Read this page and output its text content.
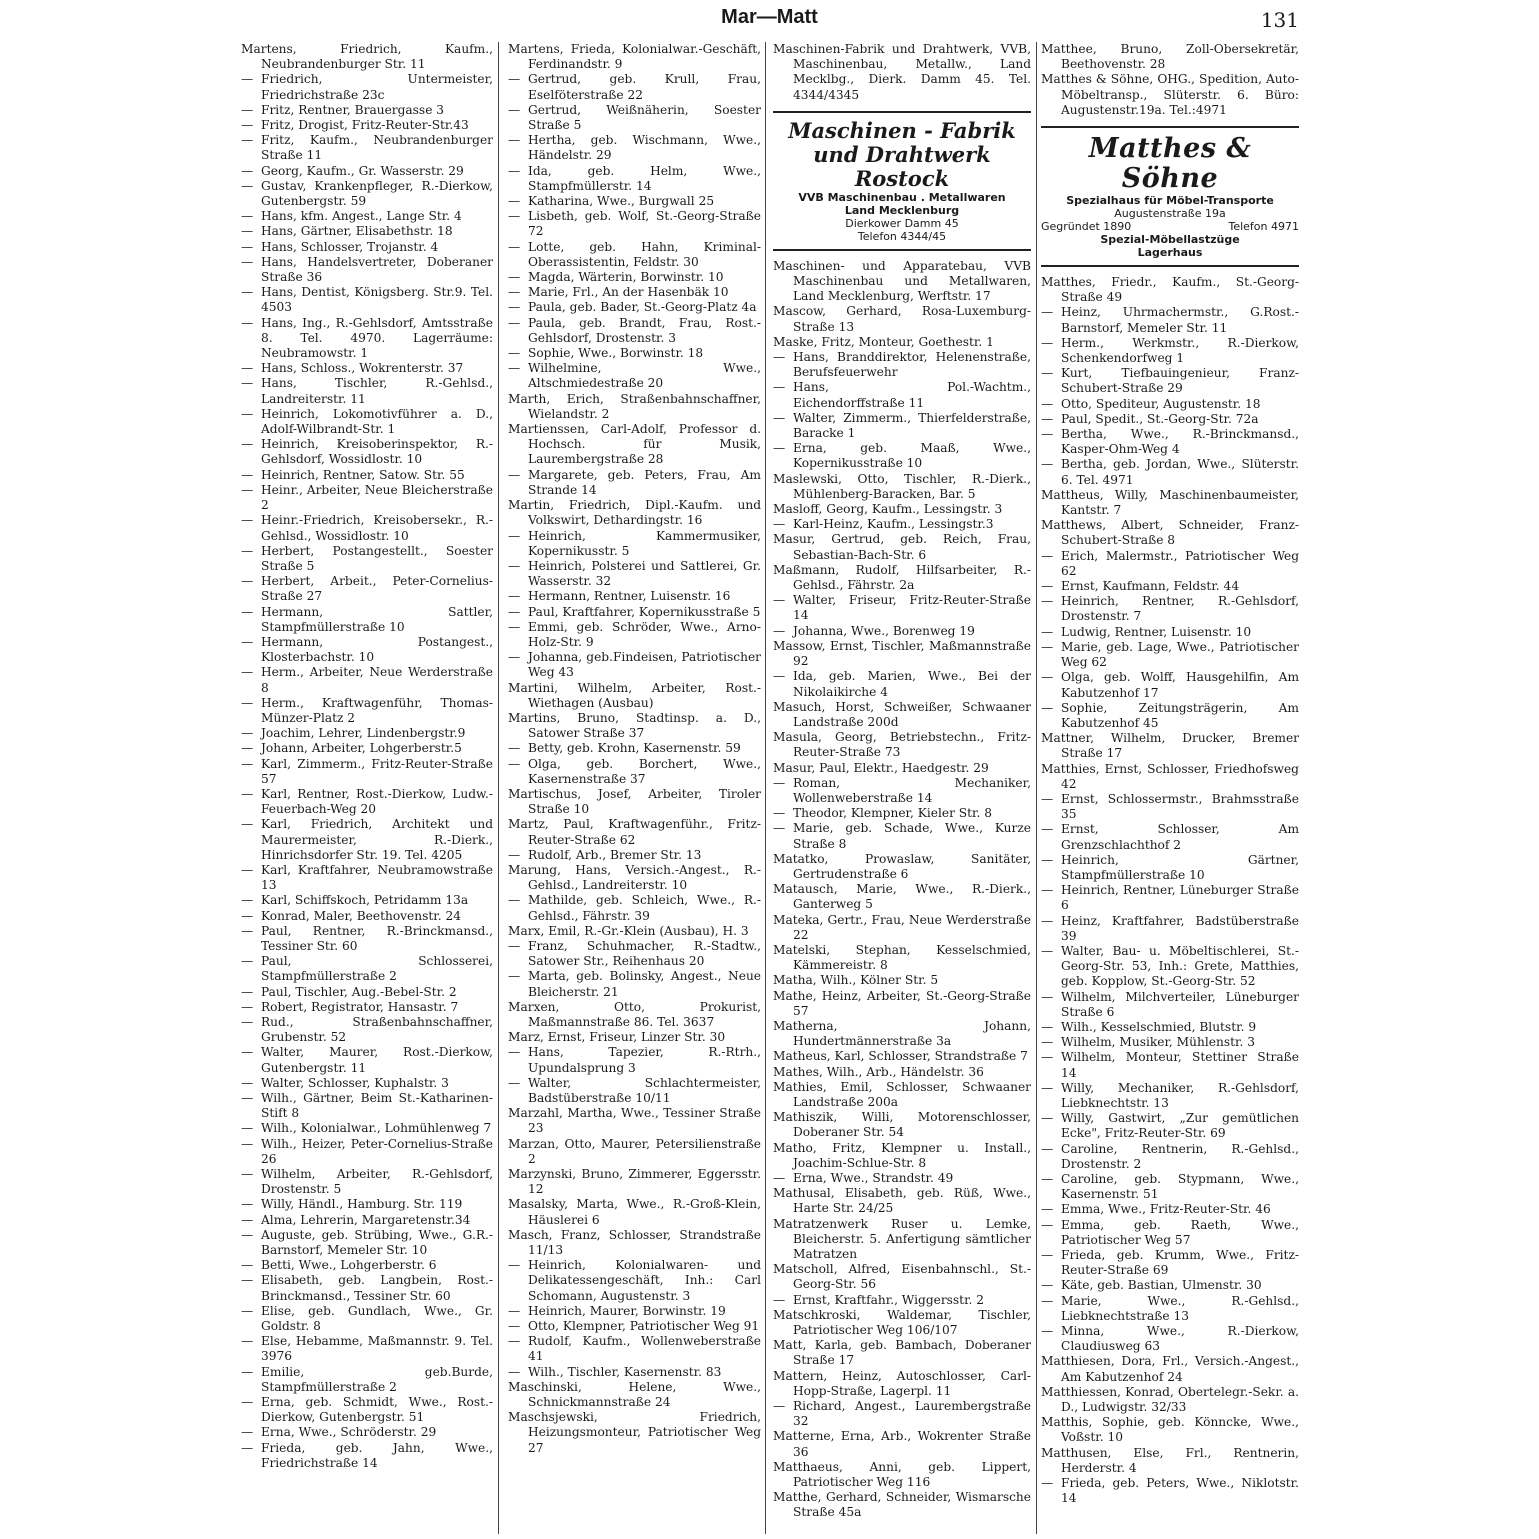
Mar—Matt	131

Martens, Friedrich, Kaufm., Neubrandenburger Str. 11

— Friedrich, Untermeister, Friedrichstraße 23c

— Fritz, Rentner, Brauergasse 3

— Fritz, Drogist, Fritz-Reuter-Str.43

— Fritz, Kaufm., Neubrandenburger Straße 11

— Georg, Kaufm., Gr. Wasserstr. 29

— Gustav, Krankenpfleger, R.-Dierkow, Gutenbergstr. 59

— Hans, kfm. Angest., Lange Str. 4

— Hans, Gärtner, Elisabethstr. 18

— Hans, Schlosser, Trojanstr. 4

— Hans, Handelsvertreter, Doberaner Straße 36

— Hans, Dentist, Königsberg. Str.9. Tel. 4503

— Hans, Ing., R.-Gehlsdorf, Amtsstraße 8. Tel. 4970. Lagerräume: Neubramowstr. 1

— Hans, Schloss., Wokrenterstr. 37

— Hans, Tischler, R.-Gehlsd., Landreiterstr. 11

— Heinrich, Lokomotivführer a. D., Adolf-Wilbrandt-Str. 1

— Heinrich, Kreisoberinspektor, R.-Gehlsdorf, Wossidlostr. 10

— Heinrich, Rentner, Satow. Str. 55

— Heinr., Arbeiter, Neue Bleicherstraße 2

— Heinr.-Friedrich, Kreisobersekr., R.-Gehlsd., Wossidlostr. 10

— Herbert, Postangestellt., Soester Straße 5

— Herbert, Arbeit., Peter-Cornelius-Straße 27

— Hermann, Sattler, Stampfmüllerstraße 10

— Hermann, Postangest., Klosterbachstr. 10

— Herm., Arbeiter, Neue Werderstraße 8

— Herm., Kraftwagenführ, Thomas-Münzer-Platz 2

— Joachim, Lehrer, Lindenbergstr.9

— Johann, Arbeiter, Lohgerberstr.5

— Karl, Zimmerm., Fritz-Reuter-Straße 57

— Karl, Rentner, Rost.-Dierkow, Ludw.-Feuerbach-Weg 20

— Karl, Friedrich, Architekt und Maurermeister, R.-Dierk., Hinrichsdorfer Str. 19. Tel. 4205

— Karl, Kraftfahrer, Neubramowstraße 13

— Karl, Schiffskoch, Petridamm 13a

— Konrad, Maler, Beethovenstr. 24

— Paul, Rentner, R.-Brinckmansd., Tessiner Str. 60

— Paul, Schlosserei, Stampfmüllerstraße 2

— Paul, Tischler, Aug.-Bebel-Str. 2

— Robert, Registrator, Hansastr. 7

— Rud., Straßenbahnschaffner, Grubenstr. 52

— Walter, Maurer, Rost.-Dierkow, Gutenbergstr. 11

— Walter, Schlosser, Kuphalstr. 3

— Wilh., Gärtner, Beim St.-Katharinen-Stift 8

— Wilh., Kolonialwar., Lohmühlenweg 7

— Wilh., Heizer, Peter-Cornelius-Straße 26

— Wilhelm, Arbeiter, R.-Gehlsdorf, Drostenstr. 5

— Willy, Händl., Hamburg. Str. 119

— Alma, Lehrerin, Margaretenstr.34

— Auguste, geb. Strübing, Wwe., G.R.-Barnstorf, Memeler Str. 10

— Betti, Wwe., Lohgerberstr. 6

— Elisabeth, geb. Langbein, Rost.-Brinckmansd., Tessiner Str. 60

— Elise, geb. Gundlach, Wwe., Gr. Goldstr. 8

— Else, Hebamme, Maßmannstr. 9. Tel. 3976

— Emilie, geb.Burde, Stampfmüllerstraße 2

— Erna, geb. Schmidt, Wwe., Rost.-Dierkow, Gutenbergstr. 51

— Erna, Wwe., Schröderstr. 29

— Frieda, geb. Jahn, Wwe., Friedrichstraße 14

Martens, Frieda, Kolonialwar.-Geschäft, Ferdinandstr. 9

— Gertrud, geb. Krull, Frau, Eselföterstraße 22

— Gertrud, Weißnäherin, Soester Straße 5

— Hertha, geb. Wischmann, Wwe., Händelstr. 29

— Ida, geb. Helm, Wwe., Stampfmüllerstr. 14

— Katharina, Wwe., Burgwall 25

— Lisbeth, geb. Wolf, St.-Georg-Straße 72

— Lotte, geb. Hahn, Kriminal-Oberassistentin, Feldstr. 30

— Magda, Wärterin, Borwinstr. 10

— Marie, Frl., An der Hasenbäk 10

— Paula, geb. Bader, St.-Georg-Platz 4a

— Paula, geb. Brandt, Frau, Rost.-Gehlsdorf, Drostenstr. 3

— Sophie, Wwe., Borwinstr. 18

— Wilhelmine, Wwe., Altschmiedestraße 20

Marth, Erich, Straßenbahnschaffner, Wielandstr. 2

Martienssen, Carl-Adolf, Professor d. Hochsch. für Musik, Laurembergstraße 28

— Margarete, geb. Peters, Frau, Am Strande 14

Martin, Friedrich, Dipl.-Kaufm. und Volkswirt, Dethardingstr. 16

— Heinrich, Kammermusiker, Kopernikusstr. 5

— Heinrich, Polsterei und Sattlerei, Gr. Wasserstr. 32

— Hermann, Rentner, Luisenstr. 16

— Paul, Kraftfahrer, Kopernikusstraße 5

— Emmi, geb. Schröder, Wwe., Arno-Holz-Str. 9

— Johanna, geb.Findeisen, Patriotischer Weg 43

Martini, Wilhelm, Arbeiter, Rost.-Wiethagen (Ausbau)

Martins, Bruno, Stadtinsp. a. D., Satower Straße 37

— Betty, geb. Krohn, Kasernenstr. 59

— Olga, geb. Borchert, Wwe., Kasernenstraße 37

Martischus, Josef, Arbeiter, Tiroler Straße 10

Martz, Paul, Kraftwagenführ., Fritz-Reuter-Straße 62

— Rudolf, Arb., Bremer Str. 13

Marung, Hans, Versich.-Angest., R.-Gehlsd., Landreiterstr. 10

— Mathilde, geb. Schleich, Wwe., R.-Gehlsd., Fährstr. 39

Marx, Emil, R.-Gr.-Klein (Ausbau), H. 3

— Franz, Schuhmacher, R.-Stadtw., Satower Str., Reihenhaus 20

— Marta, geb. Bolinsky, Angest., Neue Bleicherstr. 21

Marxen, Otto, Prokurist, Maßmannstraße 86. Tel. 3637

Marz, Ernst, Friseur, Linzer Str. 30

— Hans, Tapezier, R.-Rtrh., Upundalsprung 3

— Walter, Schlachtermeister, Badstüberstraße 10/11

Marzahl, Martha, Wwe., Tessiner Straße 23

Marzan, Otto, Maurer, Petersilienstraße 2

Marzynski, Bruno, Zimmerer, Eggersstr. 12

Masalsky, Marta, Wwe., R.-Groß-Klein, Häuslerei 6

Masch, Franz, Schlosser, Strandstraße 11/13

— Heinrich, Kolonialwaren- und Delikatessengeschäft, Inh.: Carl Schomann, Augustenstr. 3

— Heinrich, Maurer, Borwinstr. 19

— Otto, Klempner, Patriotischer Weg 91

— Rudolf, Kaufm., Wollenweberstraße 41

— Wilh., Tischler, Kasernenstr. 83

Maschinski, Helene, Wwe., Schnickmannstraße 24

Maschsjewski, Friedrich, Heizungsmonteur, Patriotischer Weg 27

Maschinen-Fabrik und Drahtwerk, VVB, Maschinenbau, Metallw., Land Mecklbg., Dierk. Damm 45. Tel. 4344/4345

Maschinen - Fabrik
und Drahtwerk Rostock
VVB Maschinenbau . Metallwaren
Land Mecklenburg
Dierkower Damm 45
Telefon 4344/45

Maschinen- und Apparatebau, VVB Maschinenbau und Metallwaren, Land Mecklenburg, Werftstr. 17

Mascow, Gerhard, Rosa-Luxemburg-Straße 13

Maske, Fritz, Monteur, Goethestr. 1

— Hans, Branddirektor, Helenenstraße, Berufsfeuerwehr

— Hans, Pol.-Wachtm., Eichendorffstraße 11

— Walter, Zimmerm., Thierfelderstraße, Baracke 1

— Erna, geb. Maaß, Wwe., Kopernikusstraße 10

Maslewski, Otto, Tischler, R.-Dierk., Mühlenberg-Baracken, Bar. 5

Masloff, Georg, Kaufm., Lessingstr. 3

— Karl-Heinz, Kaufm., Lessingstr.3

Masur, Gertrud, geb. Reich, Frau, Sebastian-Bach-Str. 6

Maßmann, Rudolf, Hilfsarbeiter, R.-Gehlsd., Fährstr. 2a

— Walter, Friseur, Fritz-Reuter-Straße 14

— Johanna, Wwe., Borenweg 19

Massow, Ernst, Tischler, Maßmannstraße 92

— Ida, geb. Marien, Wwe., Bei der Nikolaikirche 4

Masuch, Horst, Schweißer, Schwaaner Landstraße 200d

Masula, Georg, Betriebstechn., Fritz-Reuter-Straße 73

Masur, Paul, Elektr., Haedgestr. 29

— Roman, Mechaniker, Wollenweberstraße 14

— Theodor, Klempner, Kieler Str. 8

— Marie, geb. Schade, Wwe., Kurze Straße 8

Matatko, Prowaslaw, Sanitäter, Gertrudenstraße 6

Matausch, Marie, Wwe., R.-Dierk., Ganterweg 5

Mateka, Gertr., Frau, Neue Werderstraße 22

Matelski, Stephan, Kesselschmied, Kämmereistr. 8

Matha, Wilh., Kölner Str. 5

Mathe, Heinz, Arbeiter, St.-Georg-Straße 57

Matherna, Johann, Hundertmännerstraße 3a

Matheus, Karl, Schlosser, Strandstraße 7

Mathes, Wilh., Arb., Händelstr. 36

Mathies, Emil, Schlosser, Schwaaner Landstraße 200a

Mathiszik, Willi, Motorenschlosser, Doberaner Str. 54

Matho, Fritz, Klempner u. Install., Joachim-Schlue-Str. 8

— Erna, Wwe., Strandstr. 49

Mathusal, Elisabeth, geb. Rüß, Wwe., Harte Str. 24/25

Matratzenwerk Ruser u. Lemke, Bleicherstr. 5. Anfertigung sämtlicher Matratzen

Matscholl, Alfred, Eisenbahnschl., St.-Georg-Str. 56

— Ernst, Kraftfahr., Wiggersstr. 2

Matschkroski, Waldemar, Tischler, Patriotischer Weg 106/107

Matt, Karla, geb. Bambach, Doberaner Straße 17

Mattern, Heinz, Autoschlosser, Carl-Hopp-Straße, Lagerpl. 11

— Richard, Angest., Laurembergstraße 32

Matterne, Erna, Arb., Wokrenter Straße 36

Matthaeus, Anni, geb. Lippert, Patriotischer Weg 116

Matthe, Gerhard, Schneider, Wismarsche Straße 45a

Matthee, Bruno, Zoll-Obersekretär, Beethovenstr. 28

Matthes & Söhne, OHG., Spedition, Auto-Möbeltransp., Slüterstr. 6. Büro: Augustenstr.19a. Tel.:4971

Matthes & Söhne
Spezialhaus für Möbel-Transporte
Augustenstraße 19a
Gegründet 1890	Telefon 4971
Spezial-Möbellastzüge
Lagerhaus

Matthes, Friedr., Kaufm., St.-Georg-Straße 49

— Heinz, Uhrmachermstr., G.Rost.-Barnstorf, Memeler Str. 11

— Herm., Werkmstr., R.-Dierkow, Schenkendorfweg 1

— Kurt, Tiefbauingenieur, Franz-Schubert-Straße 29

— Otto, Spediteur, Augustenstr. 18

— Paul, Spedit., St.-Georg-Str. 72a

— Bertha, Wwe., R.-Brinckmansd., Kasper-Ohm-Weg 4

— Bertha, geb. Jordan, Wwe., Slüterstr. 6. Tel. 4971

Mattheus, Willy, Maschinenbaumeister, Kantstr. 7

Matthews, Albert, Schneider, Franz-Schubert-Straße 8

— Erich, Malermstr., Patriotischer Weg 62

— Ernst, Kaufmann, Feldstr. 44

— Heinrich, Rentner, R.-Gehlsdorf, Drostenstr. 7

— Ludwig, Rentner, Luisenstr. 10

— Marie, geb. Lage, Wwe., Patriotischer Weg 62

— Olga, geb. Wolff, Hausgehilfin, Am Kabutzenhof 17

— Sophie, Zeitungsträgerin, Am Kabutzenhof 45

Mattner, Wilhelm, Drucker, Bremer Straße 17

Matthies, Ernst, Schlosser, Friedhofsweg 42

— Ernst, Schlossermstr., Brahmsstraße 35

— Ernst, Schlosser, Am Grenzschlachthof 2

— Heinrich, Gärtner, Stampfmüllerstraße 10

— Heinrich, Rentner, Lüneburger Straße 6

— Heinz, Kraftfahrer, Badstüberstraße 39

— Walter, Bau- u. Möbeltischlerei, St.-Georg-Str. 53, Inh.: Grete, Matthies, geb. Kopplow, St.-Georg-Str. 52

— Wilhelm, Milchverteiler, Lüneburger Straße 6

— Wilh., Kesselschmied, Blutstr. 9

— Wilhelm, Musiker, Mühlenstr. 3

— Wilhelm, Monteur, Stettiner Straße 14

— Willy, Mechaniker, R.-Gehlsdorf, Liebknechtstr. 13

— Willy, Gastwirt, „Zur gemütlichen Ecke", Fritz-Reuter-Str. 69

— Caroline, Rentnerin, R.-Gehlsd., Drostenstr. 2

— Caroline, geb. Stypmann, Wwe., Kasernenstr. 51

— Emma, Wwe., Fritz-Reuter-Str. 46

— Emma, geb. Raeth, Wwe., Patriotischer Weg 57

— Frieda, geb. Krumm, Wwe., Fritz-Reuter-Straße 69

— Käte, geb. Bastian, Ulmenstr. 30

— Marie, Wwe., R.-Gehlsd., Liebknechtstraße 13

— Minna, Wwe., R.-Dierkow, Claudiusweg 63

Matthiesen, Dora, Frl., Versich.-Angest., Am Kabutzenhof 24

Matthiessen, Konrad, Obertelegr.-Sekr. a. D., Ludwigstr. 32/33

Matthis, Sophie, geb. Könncke, Wwe., Voßstr. 10

Matthusen, Else, Frl., Rentnerin, Herderstr. 4

— Frieda, geb. Peters, Wwe., Niklotstr. 14
